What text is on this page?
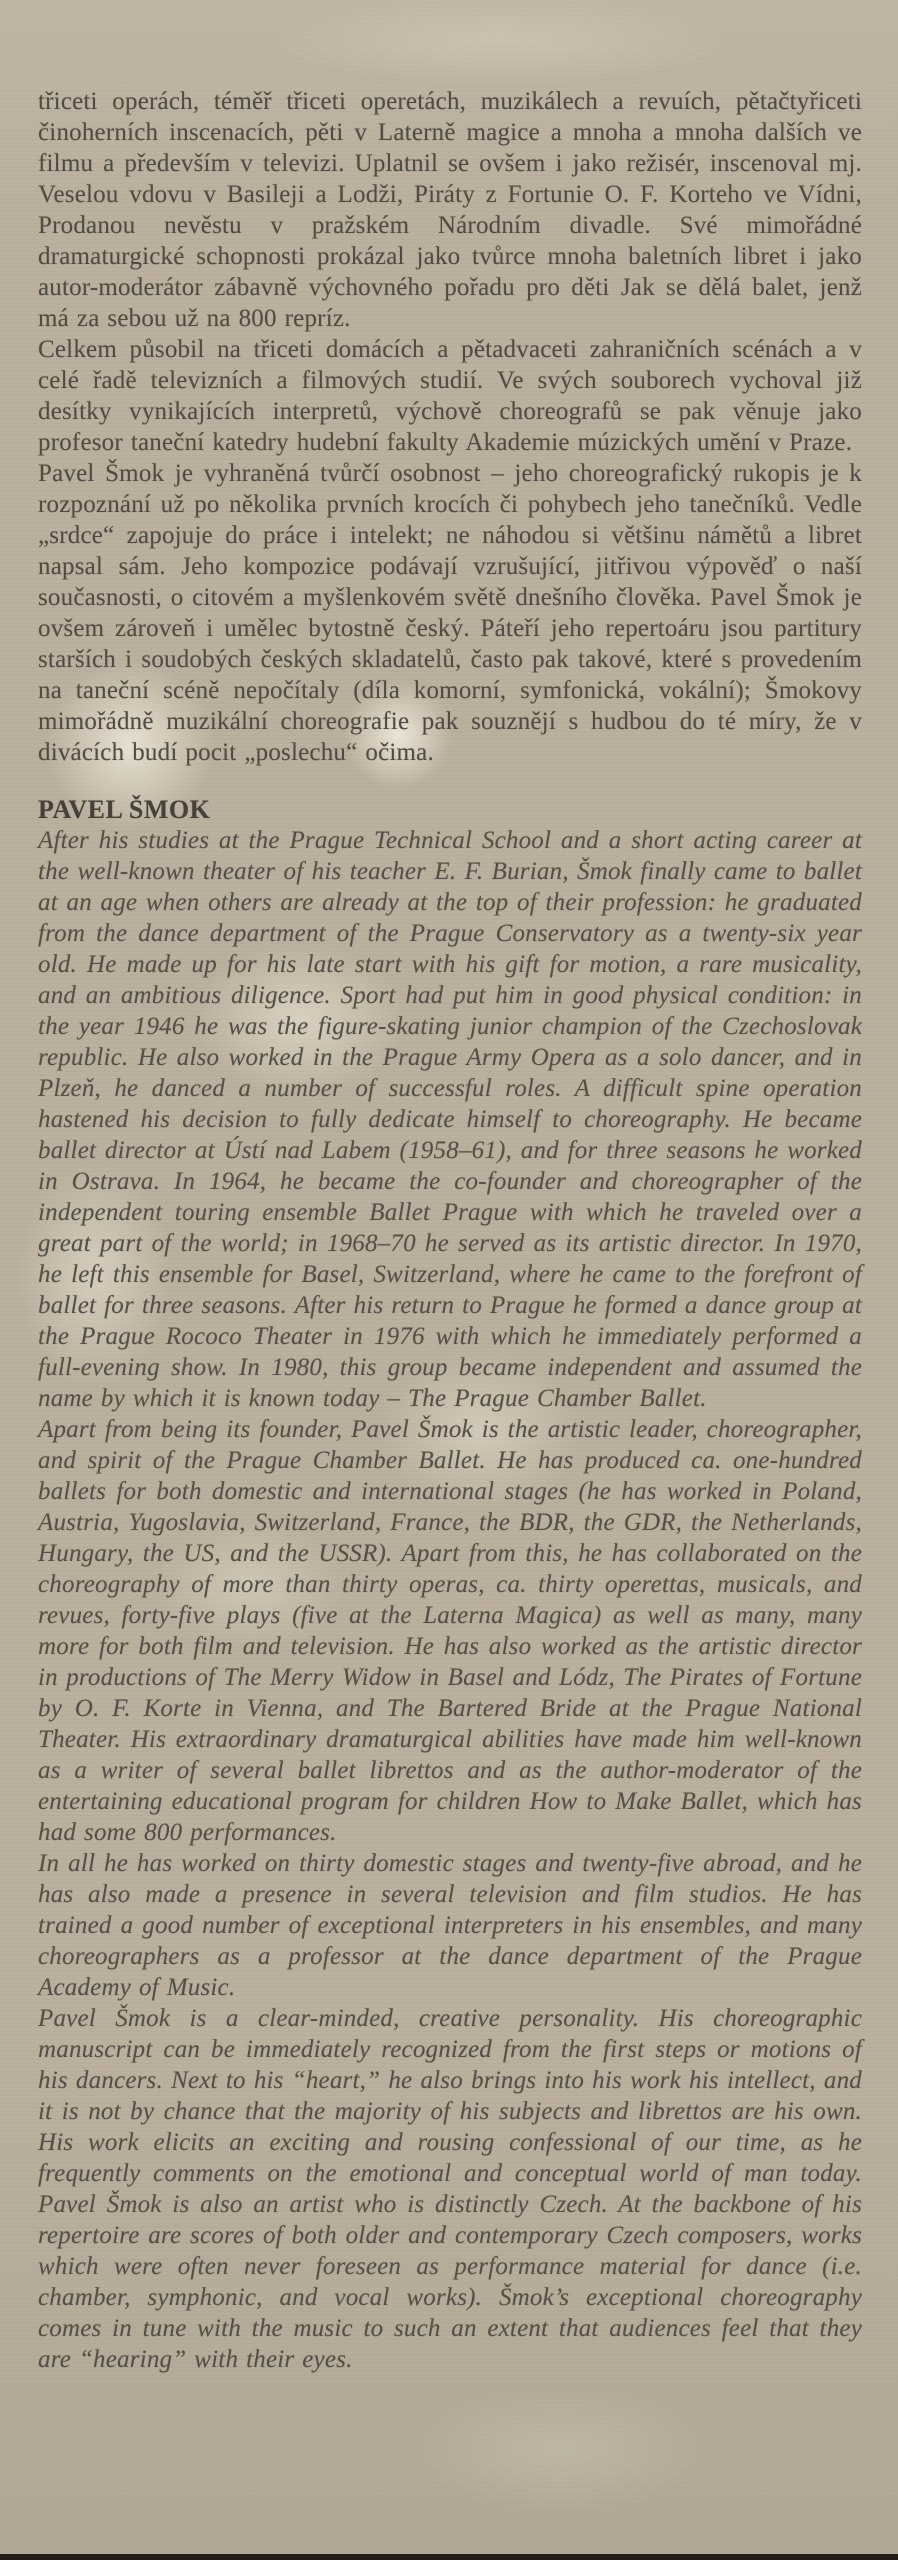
třiceti operách, téměř třiceti operetách, muzikálech a revuích, pětačtyřiceti činoherních inscenacích, pěti v Laterně magice a mnoha a mnoha dalších ve filmu a především v televizi. Uplatnil se ovšem i jako režisér, inscenoval mj. Veselou vdovu v Basileji a Lodži, Piráty z Fortunie O. F. Korteho ve Vídni, Prodanou nevěstu v pražském Národním divadle. Své mimořádné dramaturgické schopnosti prokázal jako tvůrce mnoha baletních libret i jako autor-moderátor zábavně výchovného pořadu pro děti Jak se dělá balet, jenž má za sebou už na 800 repríz.

Celkem působil na třiceti domácích a pětadvaceti zahraničních scénách a v celé řadě televizních a filmových studií. Ve svých souborech vychoval již desítky vynikajících interpretů, výchově choreografů se pak věnuje jako profesor taneční katedry hudební fakulty Akademie múzických umění v Praze.

Pavel Šmok je vyhraněná tvůrčí osobnost – jeho choreografický rukopis je k rozpoznání už po několika prvních krocích či pohybech jeho tanečníků. Vedle „srdce“ zapojuje do práce i intelekt; ne náhodou si většinu námětů a libret napsal sám. Jeho kompozice podávají vzrušující, jitřivou výpověď o naší současnosti, o citovém a myšlenkovém světě dnešního člověka. Pavel Šmok je ovšem zároveň i umělec bytostně český. Páteří jeho repertoáru jsou partitury starších i soudobých českých skladatelů, často pak takové, které s provedením na taneční scéně nepočítaly (díla komorní, symfonická, vokální); Šmokovy mimořádně muzikální choreografie pak souznějí s hudbou do té míry, že v divácích budí pocit „poslechu“ očima.

PAVEL ŠMOK

After his studies at the Prague Technical School and a short acting career at the well-known theater of his teacher E. F. Burian, Šmok finally came to ballet at an age when others are already at the top of their profession: he graduated from the dance department of the Prague Conservatory as a twenty-six year old. He made up for his late start with his gift for motion, a rare musicality, and an ambitious diligence. Sport had put him in good physical condition: in the year 1946 he was the figure-skating junior champion of the Czechoslovak republic. He also worked in the Prague Army Opera as a solo dancer, and in Plzeň, he danced a number of successful roles. A difficult spine operation hastened his decision to fully dedicate himself to choreography. He became ballet director at Ústí nad Labem (1958–61), and for three seasons he worked in Ostrava. In 1964, he became the co-founder and choreographer of the independent touring ensemble Ballet Prague with which he traveled over a great part of the world; in 1968–70 he served as its artistic director. In 1970, he left this ensemble for Basel, Switzerland, where he came to the forefront of ballet for three seasons. After his return to Prague he formed a dance group at the Prague Rococo Theater in 1976 with which he immediately performed a full-evening show. In 1980, this group became independent and assumed the name by which it is known today – The Prague Chamber Ballet.

Apart from being its founder, Pavel Šmok is the artistic leader, choreographer, and spirit of the Prague Chamber Ballet. He has produced ca. one-hundred ballets for both domestic and international stages (he has worked in Poland, Austria, Yugoslavia, Switzerland, France, the BDR, the GDR, the Netherlands, Hungary, the US, and the USSR). Apart from this, he has collaborated on the choreography of more than thirty operas, ca. thirty operettas, musicals, and revues, forty-five plays (five at the Laterna Magica) as well as many, many more for both film and television. He has also worked as the artistic director in productions of The Merry Widow in Basel and Lódz, The Pirates of Fortune by O. F. Korte in Vienna, and The Bartered Bride at the Prague National Theater. His extraordinary dramaturgical abilities have made him well-known as a writer of several ballet librettos and as the author-moderator of the entertaining educational program for children How to Make Ballet, which has had some 800 performances.

In all he has worked on thirty domestic stages and twenty-five abroad, and he has also made a presence in several television and film studios. He has trained a good number of exceptional interpreters in his ensembles, and many choreographers as a professor at the dance department of the Prague Academy of Music.

Pavel Šmok is a clear-minded, creative personality. His choreographic manuscript can be immediately recognized from the first steps or motions of his dancers. Next to his “heart,” he also brings into his work his intellect, and it is not by chance that the majority of his subjects and librettos are his own. His work elicits an exciting and rousing confessional of our time, as he frequently comments on the emotional and conceptual world of man today. Pavel Šmok is also an artist who is distinctly Czech. At the backbone of his repertoire are scores of both older and contemporary Czech composers, works which were often never foreseen as performance material for dance (i.e. chamber, symphonic, and vocal works). Šmok’s exceptional choreography comes in tune with the music to such an extent that audiences feel that they are “hearing” with their eyes.
